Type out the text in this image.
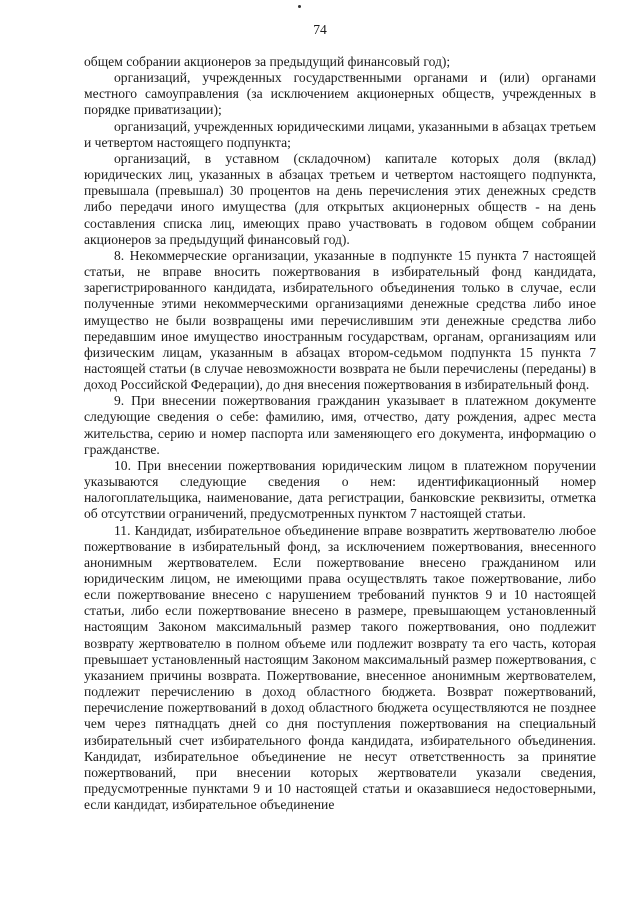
74

общем собрании акционеров за предыдущий финансовый год);

организаций, учрежденных государственными органами и (или) органами местного самоуправления (за исключением акционерных обществ, учрежденных в порядке приватизации);

организаций, учрежденных юридическими лицами, указанными в абзацах третьем и четвертом настоящего подпункта;

организаций, в уставном (складочном) капитале которых доля (вклад) юридических лиц, указанных в абзацах третьем и четвертом настоящего подпункта, превышала (превышал) 30 процентов на день перечисления этих денежных средств либо передачи иного имущества (для открытых акционерных обществ - на день составления списка лиц, имеющих право участвовать в годовом общем собрании акционеров за предыдущий финансовый год).

8. Некоммерческие организации, указанные в подпункте 15 пункта 7 настоящей статьи, не вправе вносить пожертвования в избирательный фонд кандидата, зарегистрированного кандидата, избирательного объединения только в случае, если полученные этими некоммерческими организациями денежные средства либо иное имущество не были возвращены ими перечислившим эти денежные средства либо передавшим иное имущество иностранным государствам, органам, организациям или физическим лицам, указанным в абзацах втором-седьмом подпункта 15 пункта 7 настоящей статьи (в случае невозможности возврата не были перечислены (переданы) в доход Российской Федерации), до дня внесения пожертвования в избирательный фонд.

9. При внесении пожертвования гражданин указывает в платежном документе следующие сведения о себе: фамилию, имя, отчество, дату рождения, адрес места жительства, серию и номер паспорта или заменяющего его документа, информацию о гражданстве.

10. При внесении пожертвования юридическим лицом в платежном поручении указываются следующие сведения о нем: идентификационный номер налогоплательщика, наименование, дата регистрации, банковские реквизиты, отметка об отсутствии ограничений, предусмотренных пунктом 7 настоящей статьи.

11. Кандидат, избирательное объединение вправе возвратить жертвователю любое пожертвование в избирательный фонд, за исключением пожертвования, внесенного анонимным жертвователем. Если пожертвование внесено гражданином или юридическим лицом, не имеющими права осуществлять такое пожертвование, либо если пожертвование внесено с нарушением требований пунктов 9 и 10 настоящей статьи, либо если пожертвование внесено в размере, превышающем установленный настоящим Законом максимальный размер такого пожертвования, оно подлежит возврату жертвователю в полном объеме или подлежит возврату та его часть, которая превышает установленный настоящим Законом максимальный размер пожертвования, с указанием причины возврата. Пожертвование, внесенное анонимным жертвователем, подлежит перечислению в доход областного бюджета. Возврат пожертвований, перечисление пожертвований в доход областного бюджета осуществляются не позднее чем через пятнадцать дней со дня поступления пожертвования на специальный избирательный счет избирательного фонда кандидата, избирательного объединения. Кандидат, избирательное объединение не несут ответственность за принятие пожертвований, при внесении которых жертвователи указали сведения, предусмотренные пунктами 9 и 10 настоящей статьи и оказавшиеся недостоверными, если кандидат, избирательное объединение
